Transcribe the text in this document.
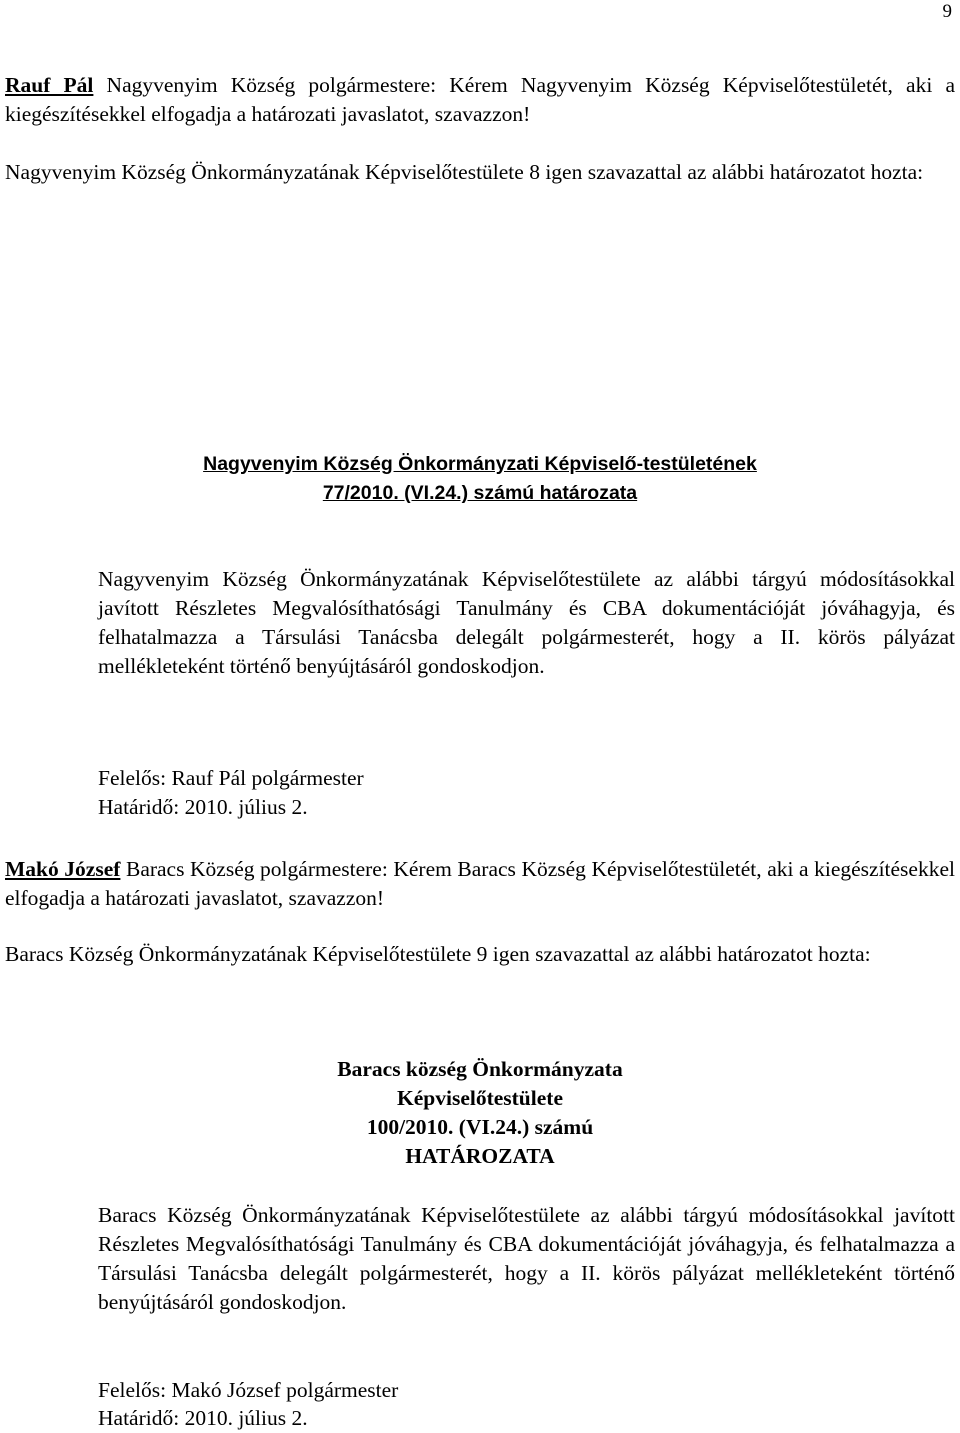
9

Rauf Pál Nagyvenyim Község polgármestere: Kérem Nagyvenyim Község Képviselőtestületét, aki a kiegészítésekkel elfogadja a határozati javaslatot, szavazzon!

Nagyvenyim Község Önkormányzatának Képviselőtestülete 8 igen szavazattal az alábbi határozatot hozta:

Nagyvenyim Község Önkormányzati Képviselő-testületének
77/2010. (VI.24.) számú határozata

Nagyvenyim Község Önkormányzatának Képviselőtestülete az alábbi tárgyú módosításokkal javított Részletes Megvalósíthatósági Tanulmány és CBA dokumentációját jóváhagyja, és felhatalmazza a Társulási Tanácsba delegált polgármesterét, hogy a II. körös pályázat mellékleteként történő benyújtásáról gondoskodjon.

Felelős: Rauf Pál polgármester

Határidő: 2010. július 2.

Makó József Baracs Község polgármestere: Kérem Baracs Község Képviselőtestületét, aki a kiegészítésekkel elfogadja a határozati javaslatot, szavazzon!

Baracs Község Önkormányzatának Képviselőtestülete 9 igen szavazattal az alábbi határozatot hozta:

Baracs község Önkormányzata
Képviselőtestülete
100/2010. (VI.24.) számú
HATÁROZATA

Baracs Község Önkormányzatának Képviselőtestülete az alábbi tárgyú módosításokkal javított Részletes Megvalósíthatósági Tanulmány és CBA dokumentációját jóváhagyja, és felhatalmazza a Társulási Tanácsba delegált polgármesterét, hogy a II. körös pályázat mellékleteként történő benyújtásáról gondoskodjon.

Felelős: Makó József polgármester

Határidő: 2010. július 2.
